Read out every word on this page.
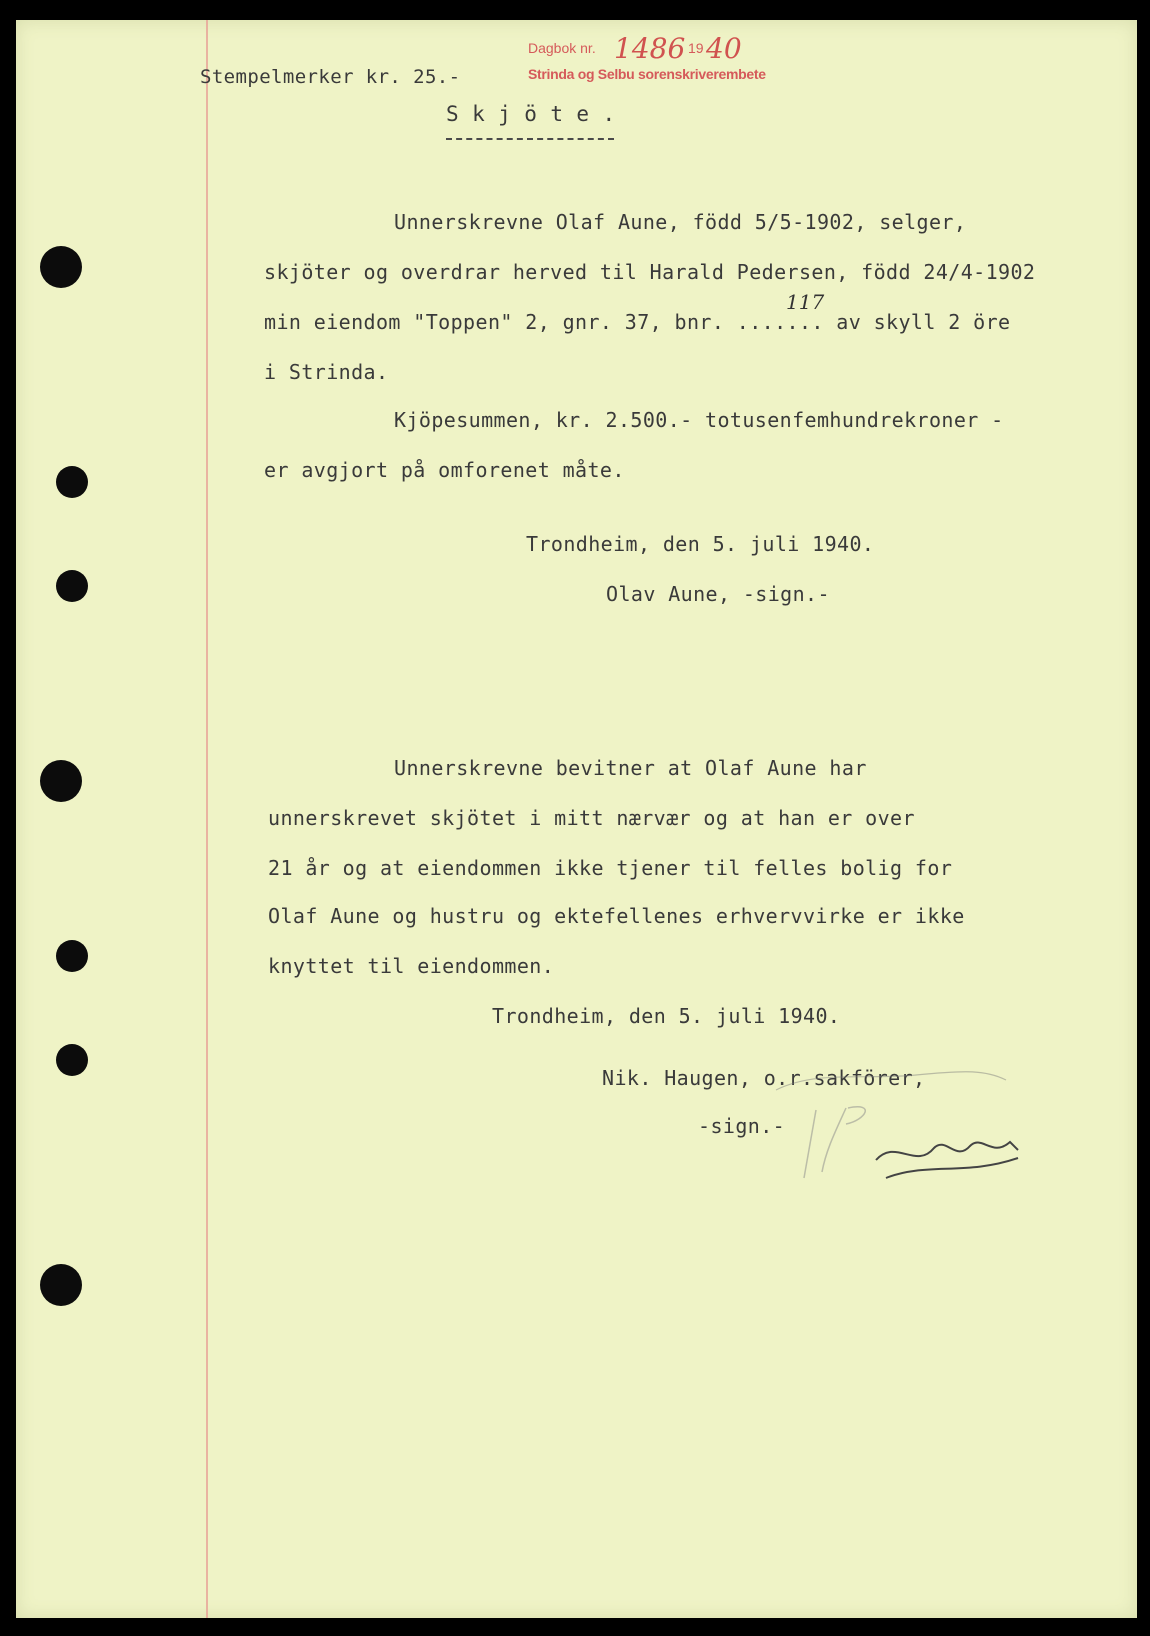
Dagbok nr. 1486 19 40
Strinda og Selbu sorenskriverembete
Stempelmerker kr. 25.-
S k j ö t e .
Unnerskrevne Olaf Aune, född 5/5-1902, selger,
skjöter og overdrar herved til Harald Pedersen, född 24/4-1902
min eiendom "Toppen" 2, gnr. 37, bnr. ....... av skyll 2 öre
117
i Strinda.
Kjöpesummen, kr. 2.500.- totusenfemhundrekroner -
er avgjort på omforenet måte.
Trondheim, den 5. juli 1940.
Olav Aune, -sign.-
Unnerskrevne bevitner at Olaf Aune har
unnerskrevet skjötet i mitt nærvær og at han er over
21 år og at eiendommen ikke tjener til felles bolig for
Olaf Aune og hustru og ektefellenes erhvervvirke er ikke
knyttet til eiendommen.
Trondheim, den 5. juli 1940.
Nik. Haugen, o.r.sakförer,
-sign.-
